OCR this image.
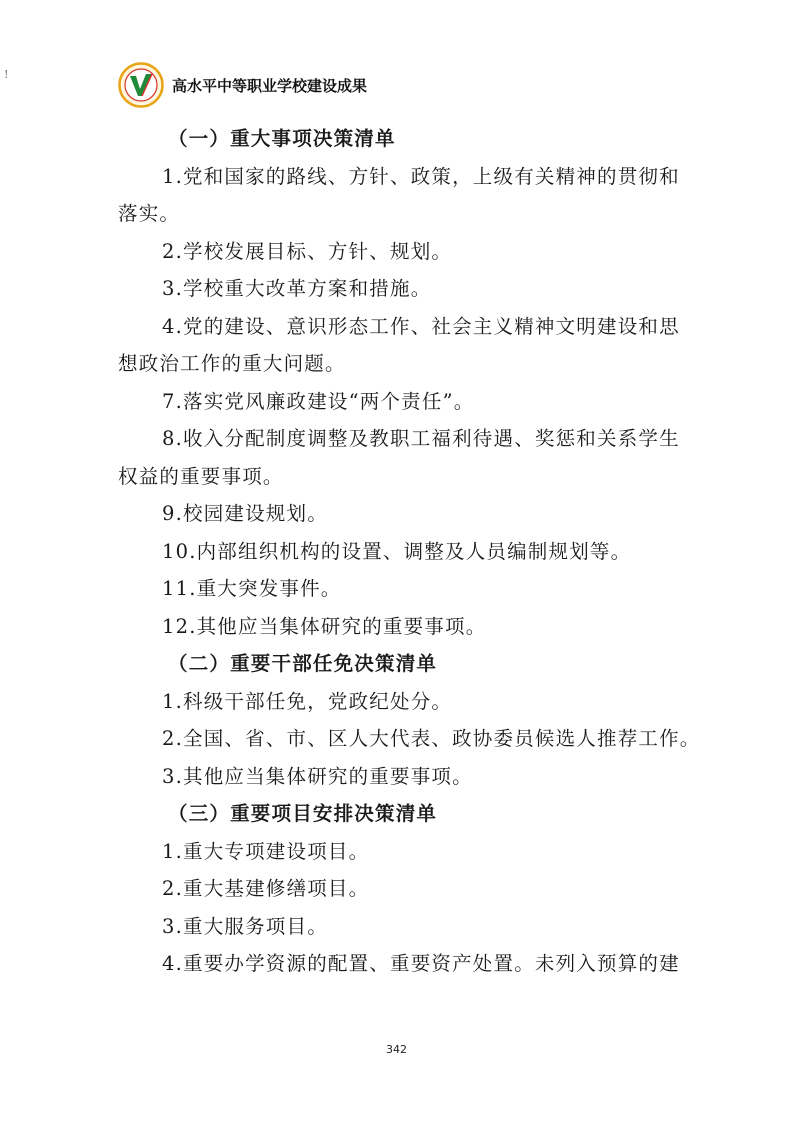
高水平中等职业学校建设成果
!
（一）重大事项决策清单
1.党和国家的路线、方针、政策，上级有关精神的贯彻和
落实。
2.学校发展目标、方针、规划。
3.学校重大改革方案和措施。
4.党的建设、意识形态工作、社会主义精神文明建设和思
想政治工作的重大问题。
7.落实党风廉政建设“两个责任”。
8.收入分配制度调整及教职工福利待遇、奖惩和关系学生
权益的重要事项。
9.校园建设规划。
10.内部组织机构的设置、调整及人员编制规划等。
11.重大突发事件。
12.其他应当集体研究的重要事项。
（二）重要干部任免决策清单
1.科级干部任免，党政纪处分。
2.全国、省、市、区人大代表、政协委员候选人推荐工作。
3.其他应当集体研究的重要事项。
（三）重要项目安排决策清单
1.重大专项建设项目。
2.重大基建修缮项目。
3.重大服务项目。
4.重要办学资源的配置、重要资产处置。未列入预算的建
342
